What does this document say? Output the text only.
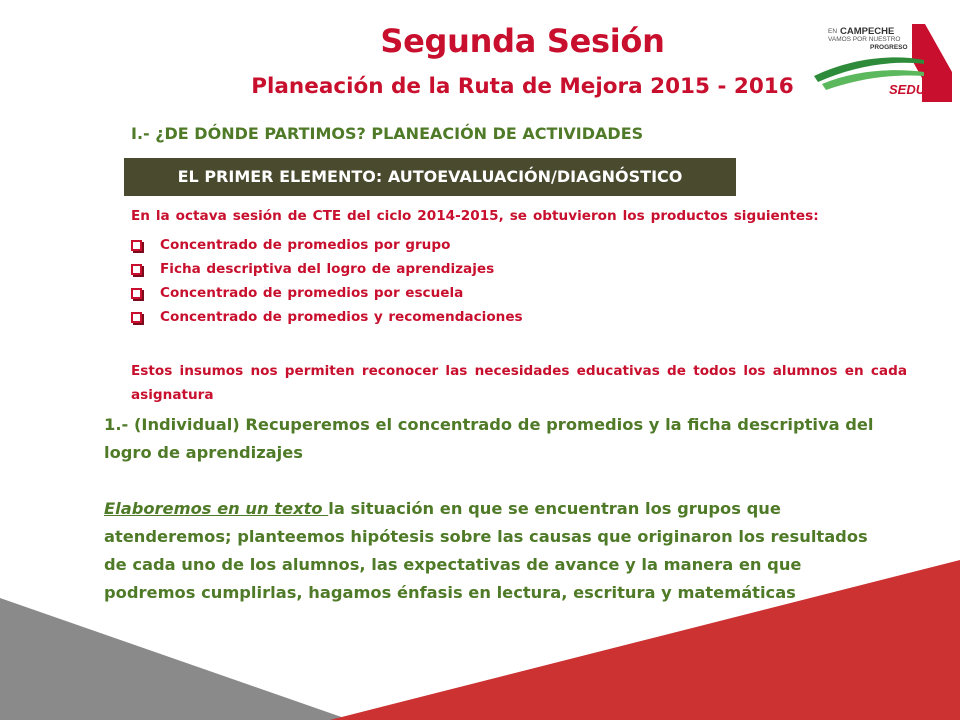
EN CAMPECHE
VAMOS POR NUESTRO
PROGRESO
SEDUC
Segunda Sesión
Planeación de la Ruta de Mejora 2015 - 2016
I.- ¿DE DÓNDE PARTIMOS? PLANEACIÓN DE ACTIVIDADES
EL PRIMER ELEMENTO: AUTOEVALUACIÓN/DIAGNÓSTICO
En la octava sesión de CTE del ciclo 2014-2015, se obtuvieron los productos siguientes:
Concentrado de promedios por grupo
Ficha descriptiva del logro de aprendizajes
Concentrado de promedios por escuela
Concentrado de promedios y recomendaciones
Estos insumos nos permiten reconocer las necesidades educativas de todos los alumnos en cada asignatura

1.- (Individual) Recuperemos el concentrado de promedios y la ficha descriptiva del logro de aprendizajes

Elaboremos en un texto la situación en que se encuentran los grupos que atenderemos; planteemos hipótesis sobre las causas que originaron los resultados de cada uno de los alumnos, las expectativas de avance y la manera en que podremos cumplirlas, hagamos énfasis en lectura, escritura y matemáticas
